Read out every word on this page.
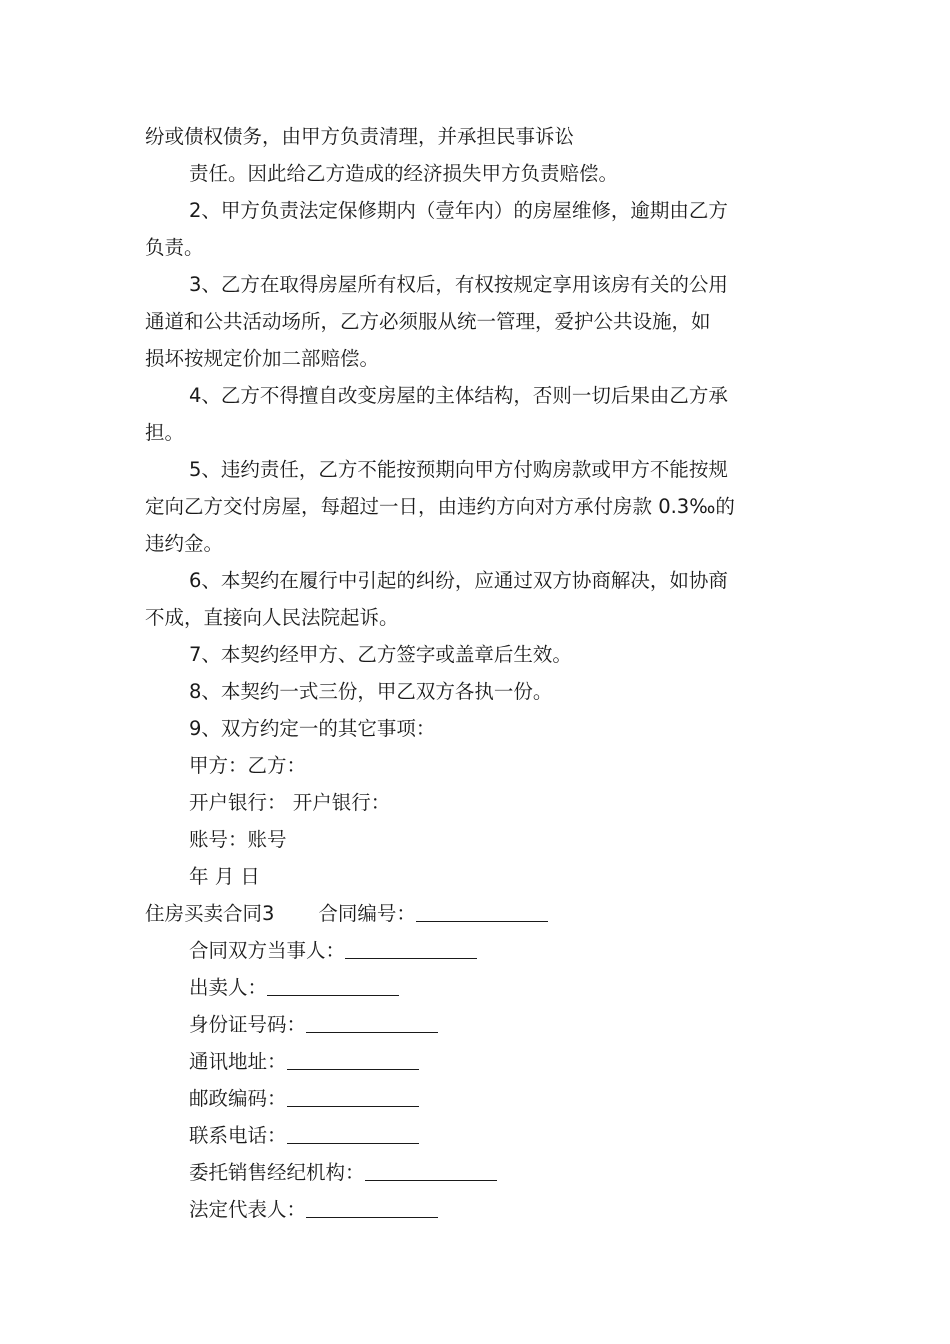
纷或债权债务，由甲方负责清理，并承担民事诉讼
责任。因此给乙方造成的经济损失甲方负责赔偿。
2、甲方负责法定保修期内（壹年内）的房屋维修，逾期由乙方
负责。
3、乙方在取得房屋所有权后，有权按规定享用该房有关的公用
通道和公共活动场所，乙方必须服从统一管理，爱护公共设施，如
损坏按规定价加二部赔偿。
4、乙方不得擅自改变房屋的主体结构，否则一切后果由乙方承
担。
5、违约责任，乙方不能按预期向甲方付购房款或甲方不能按规
定向乙方交付房屋，每超过一日，由违约方向对方承付房款 0.3‰的
违约金。
6、本契约在履行中引起的纠纷，应通过双方协商解决，如协商
不成，直接向人民法院起诉。
7、本契约经甲方、乙方签字或盖章后生效。
8、本契约一式三份，甲乙双方各执一份。
9、双方约定一的其它事项：
甲方：乙方：
开户银行： 开户银行：
账号：账号
年 月 日
住房买卖合同3 合同编号：
合同双方当事人：
出卖人：
身份证号码：
通讯地址：
邮政编码：
联系电话：
委托销售经纪机构：
法定代表人：
